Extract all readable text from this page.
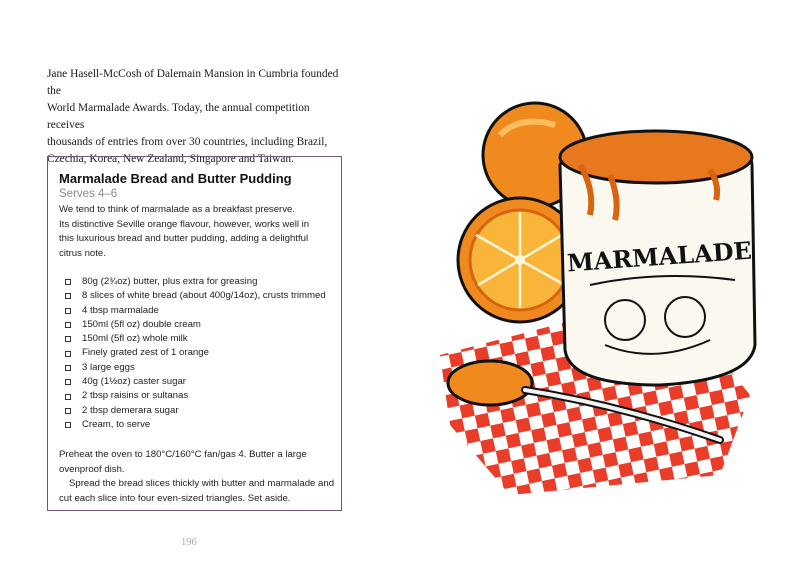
Jane Hasell-McCosh of Dalemain Mansion in Cumbria founded the
World Marmalade Awards. Today, the annual competition receives
thousands of entries from over 30 countries, including Brazil,
Czechia, Korea, New Zealand, Singapore and Taiwan.

Marmalade Bread and Butter Pudding
Serves 4–6
We tend to think of marmalade as a breakfast preserve.
Its distinctive Seville orange flavour, however, works well in
this luxurious bread and butter pudding, adding a delightful
citrus note.
80g (2¾oz) butter, plus extra for greasing
8 slices of white bread (about 400g/14oz), crusts trimmed
4 tbsp marmalade
150ml (5fl oz) double cream
150ml (5fl oz) whole milk
Finely grated zest of 1 orange
3 large eggs
40g (1½oz) caster sugar
2 tbsp raisins or sultanas
2 tbsp demerara sugar
Cream, to serve
Preheat the oven to 180°C/160°C fan/gas 4. Butter a large
ovenproof dish.
Spread the bread slices thickly with butter and marmalade and
cut each slice into four even-sized triangles. Set aside.
196
MARMALADE
